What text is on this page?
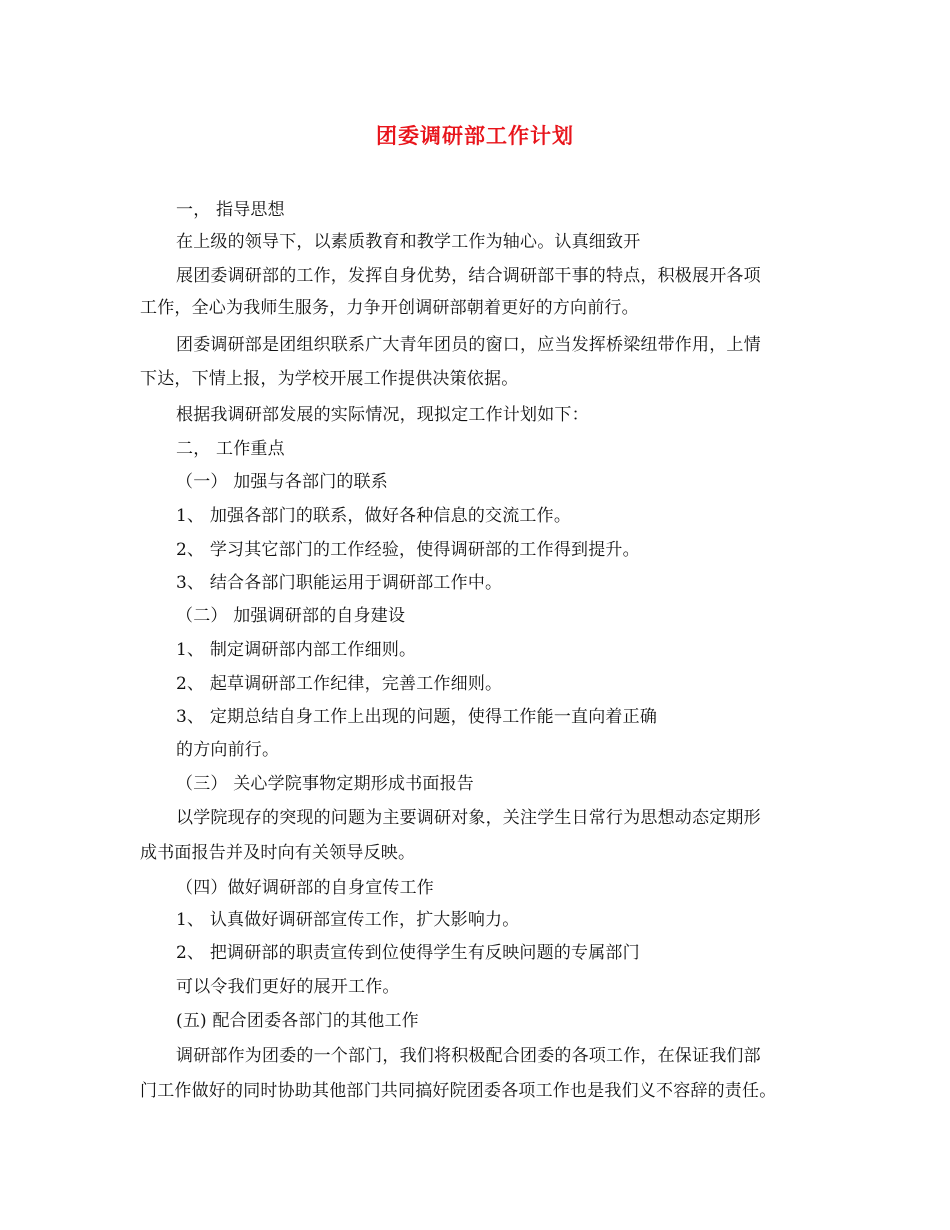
团委调研部工作计划
一， 指导思想
在上级的领导下，以素质教育和教学工作为轴心。认真细致开
展团委调研部的工作，发挥自身优势，结合调研部干事的特点，积极展开各项
工作，全心为我师生服务，力争开创调研部朝着更好的方向前行。
团委调研部是团组织联系广大青年团员的窗口，应当发挥桥梁纽带作用，上情
下达，下情上报，为学校开展工作提供决策依据。
根据我调研部发展的实际情况，现拟定工作计划如下：
二， 工作重点
（一） 加强与各部门的联系
1、 加强各部门的联系，做好各种信息的交流工作。
2、 学习其它部门的工作经验，使得调研部的工作得到提升。
3、 结合各部门职能运用于调研部工作中。
（二） 加强调研部的自身建设
1、 制定调研部内部工作细则。
2、 起草调研部工作纪律，完善工作细则。
3、 定期总结自身工作上出现的问题，使得工作能一直向着正确
的方向前行。
（三） 关心学院事物定期形成书面报告
以学院现存的突现的问题为主要调研对象，关注学生日常行为思想动态定期形
成书面报告并及时向有关领导反映。
（四）做好调研部的自身宣传工作
1、 认真做好调研部宣传工作，扩大影响力。
2、 把调研部的职责宣传到位使得学生有反映问题的专属部门
可以令我们更好的展开工作。
(五) 配合团委各部门的其他工作
调研部作为团委的一个部门，我们将积极配合团委的各项工作，在保证我们部
门工作做好的同时协助其他部门共同搞好院团委各项工作也是我们义不容辞的责任。
